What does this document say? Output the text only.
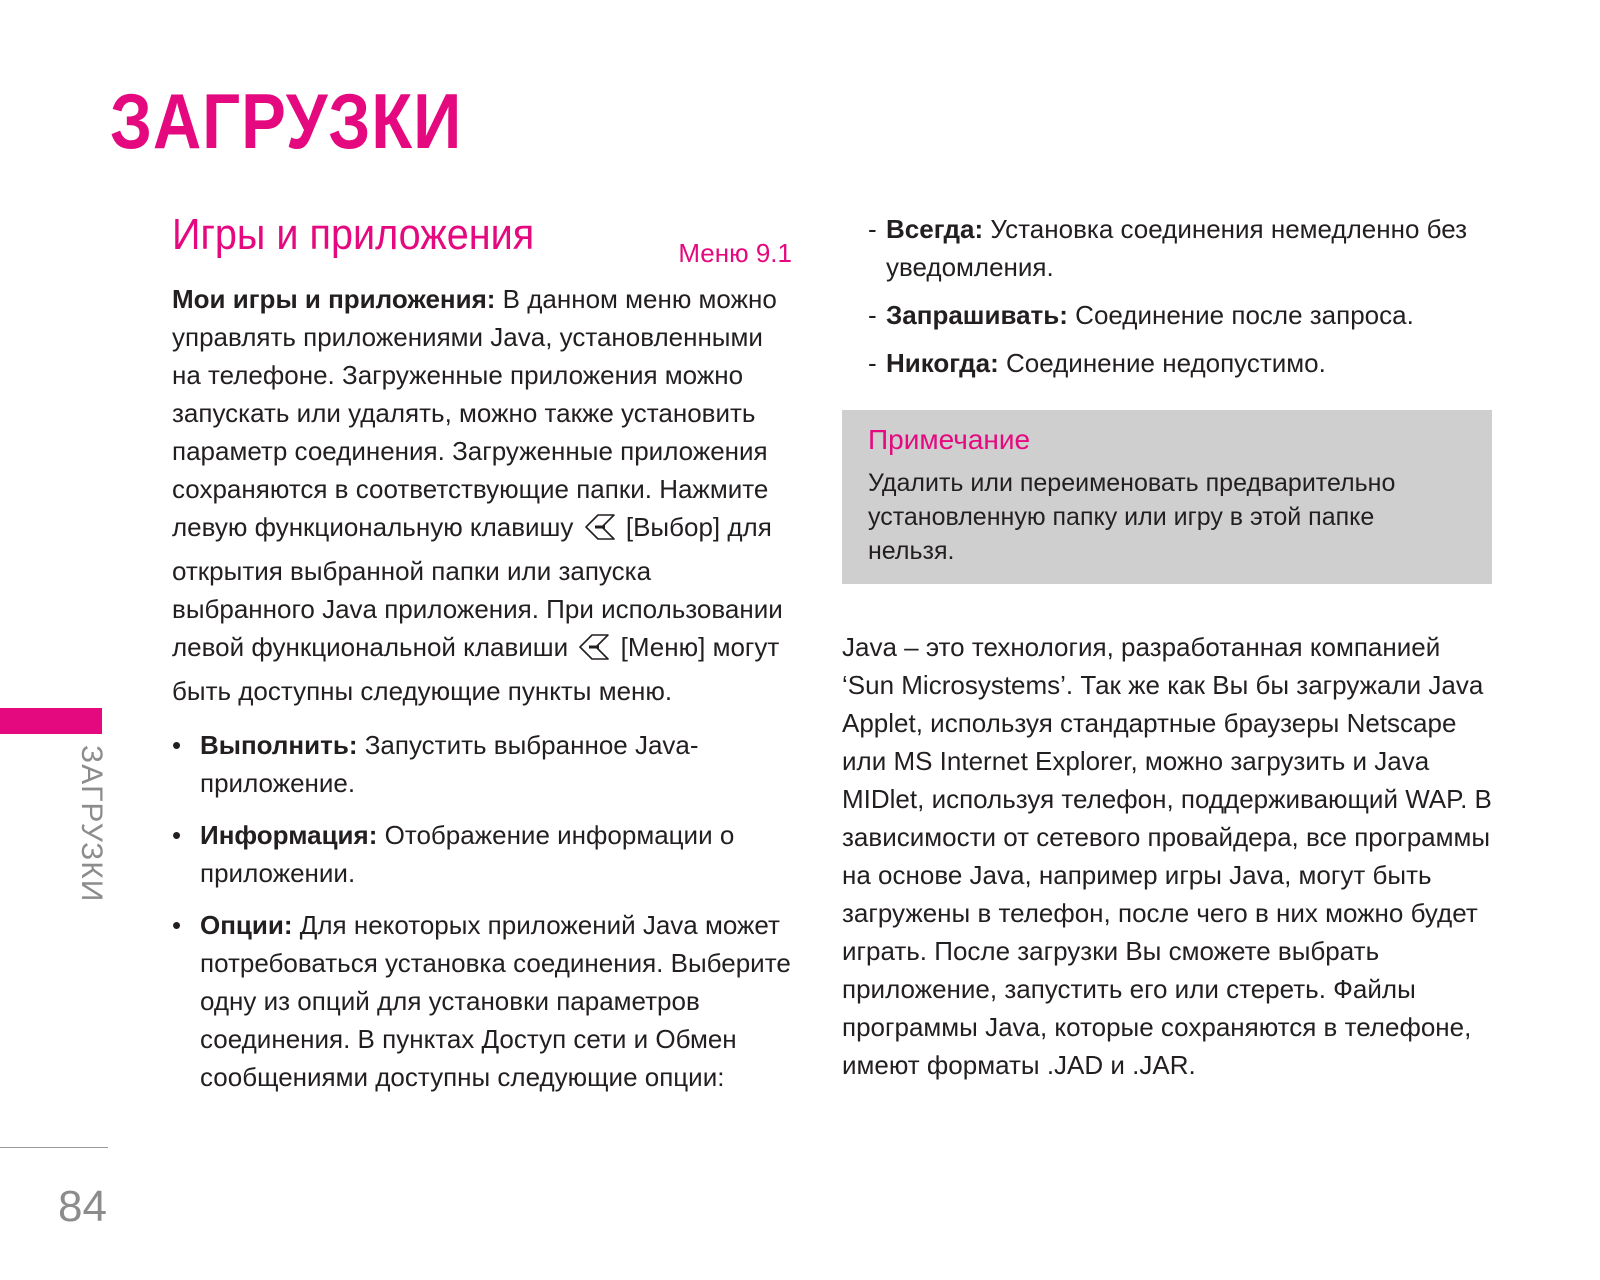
ЗАГРУЗКИ
ЗАГРУЗКИ
84
Игры и приложения	Меню 9.1

Мои игры и приложения: В данном меню можно управлять приложениями Java, установленными на телефоне. Загруженные приложения можно запускать или удалять, можно также установить параметр соединения. Загруженные приложения сохраняются в соответствующие папки. Нажмите левую функциональную клавишу  [Выбор] для открытия выбранной папки или запуска выбранного Java приложения. При использовании левой функциональной клавиши  [Меню] могут быть доступны следующие пункты меню.

• Выполнить: Запустить выбранное Java-приложение.
• Информация: Отображение информации о приложении.
• Опции: Для некоторых приложений Java может потребоваться установка соединения. Выберите одну из опций для установки параметров соединения. В пунктах Доступ сети и Обмен сообщениями доступны следующие опции:
- Всегда: Установка соединения немедленно без уведомления.
- Запрашивать: Соединение после запроса.
- Никогда: Соединение недопустимо.
Примечание

Удалить или переименовать предварительно установленную папку или игру в этой папке нельзя.

Java – это технология, разработанная компанией ‘Sun Microsystems’. Так же как Вы бы загружали Java Applet, используя стандартные браузеры Netscape или MS Internet Explorer, можно загрузить и Java MIDlet, используя телефон, поддерживающий WAP. В зависимости от сетевого провайдера, все программы на основе Java, например игры Java, могут быть загружены в телефон, после чего в них можно будет играть. После загрузки Вы сможете выбрать приложение, запустить его или стереть. Файлы программы Java, которые сохраняются в телефоне, имеют форматы .JAD и .JAR.
